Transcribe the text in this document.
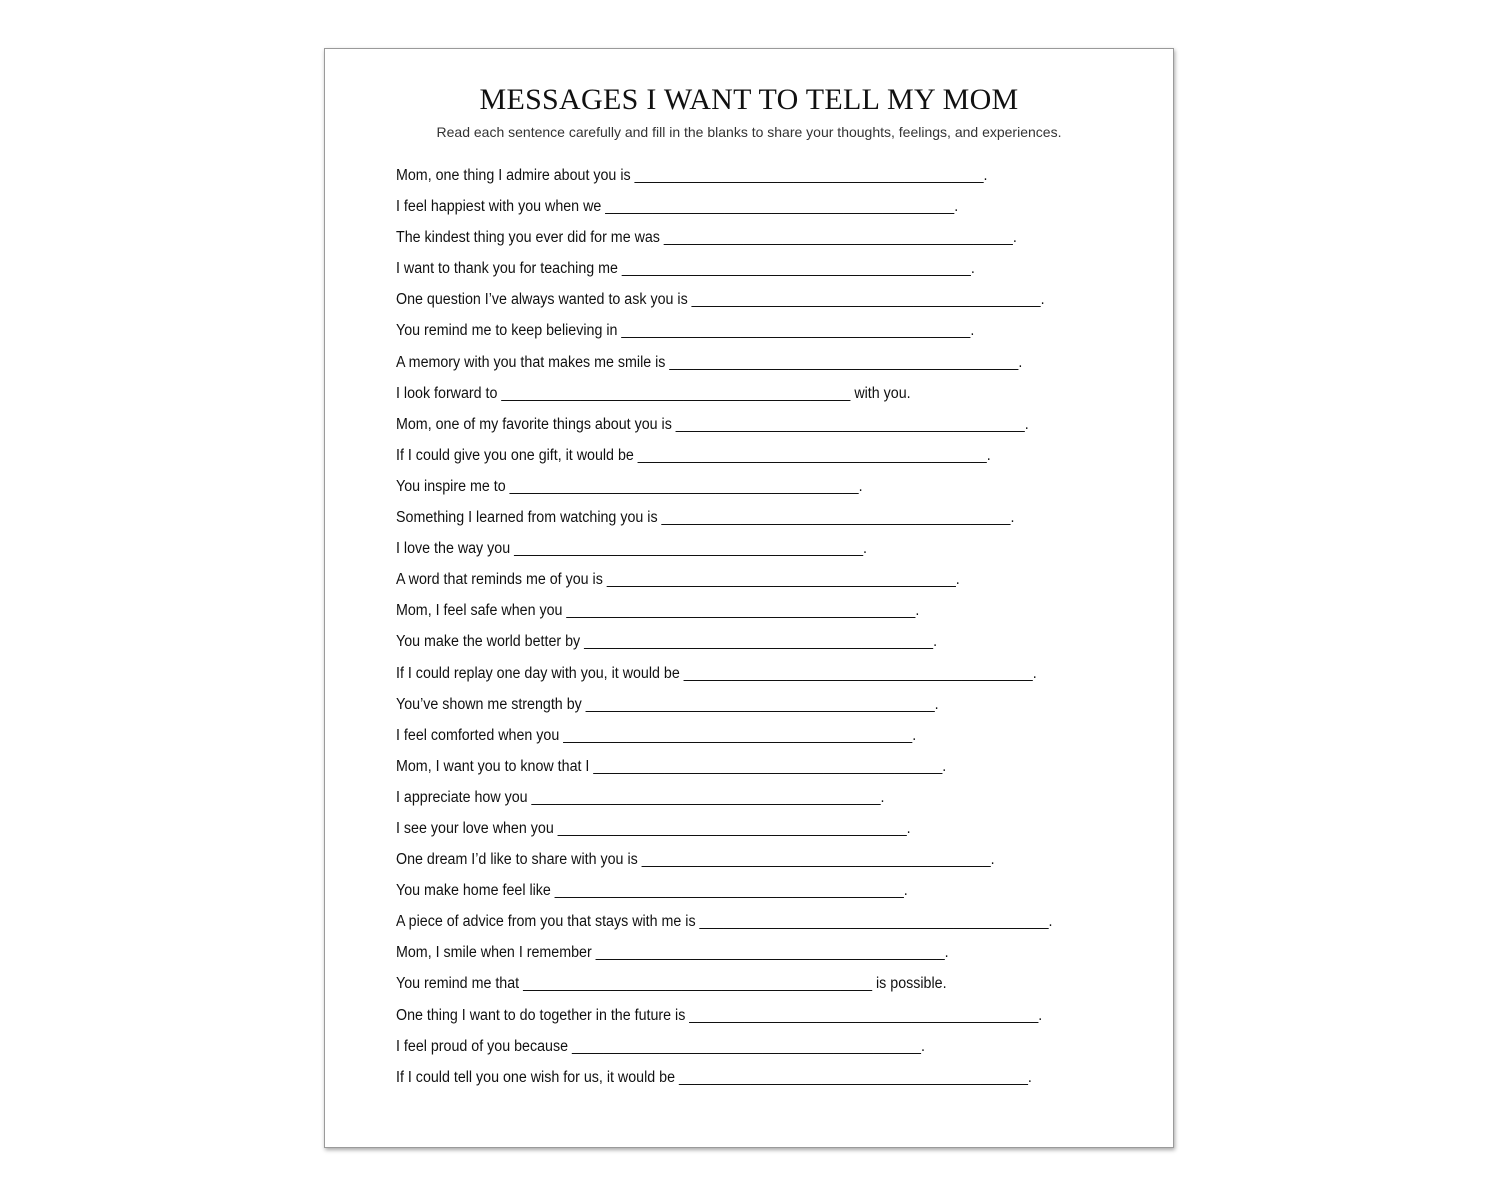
MESSAGES I WANT TO TELL MY MOM

Read each sentence carefully and fill in the blanks to share your thoughts, feelings, and experiences.

Mom, one thing I admire about you is ____________________________________________.
I feel happiest with you when we ____________________________________________.
The kindest thing you ever did for me was ____________________________________________.
I want to thank you for teaching me ____________________________________________.
One question I’ve always wanted to ask you is ____________________________________________.
You remind me to keep believing in ____________________________________________.
A memory with you that makes me smile is ____________________________________________.
I look forward to ____________________________________________ with you.
Mom, one of my favorite things about you is ____________________________________________.
If I could give you one gift, it would be ____________________________________________.
You inspire me to ____________________________________________.
Something I learned from watching you is ____________________________________________.
I love the way you ____________________________________________.
A word that reminds me of you is ____________________________________________.
Mom, I feel safe when you ____________________________________________.
You make the world better by ____________________________________________.
If I could replay one day with you, it would be ____________________________________________.
You’ve shown me strength by ____________________________________________.
I feel comforted when you ____________________________________________.
Mom, I want you to know that I ____________________________________________.
I appreciate how you ____________________________________________.
I see your love when you ____________________________________________.
One dream I’d like to share with you is ____________________________________________.
You make home feel like ____________________________________________.
A piece of advice from you that stays with me is ____________________________________________.
Mom, I smile when I remember ____________________________________________.
You remind me that ____________________________________________ is possible.
One thing I want to do together in the future is ____________________________________________.
I feel proud of you because ____________________________________________.
If I could tell you one wish for us, it would be ____________________________________________.
